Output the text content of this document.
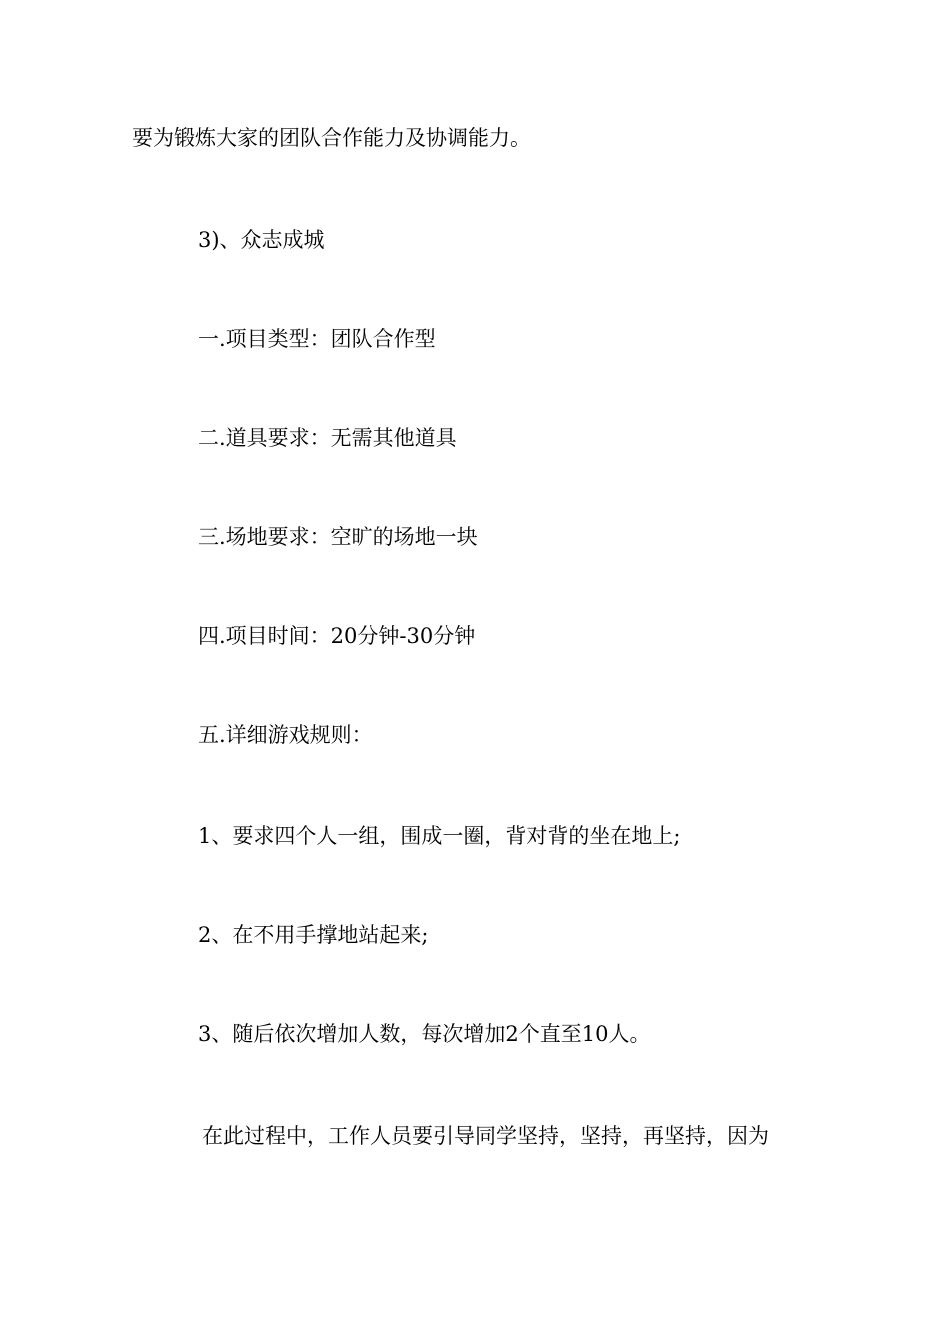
要为锻炼大家的团队合作能力及协调能力。

3)、众志成城

一.项目类型：团队合作型

二.道具要求：无需其他道具

三.场地要求：空旷的场地一块

四.项目时间：20分钟-30分钟

五.详细游戏规则：

1、要求四个人一组，围成一圈，背对背的坐在地上;

2、在不用手撑地站起来;

3、随后依次增加人数，每次增加2个直至10人。

在此过程中，工作人员要引导同学坚持，坚持，再坚持，因为
